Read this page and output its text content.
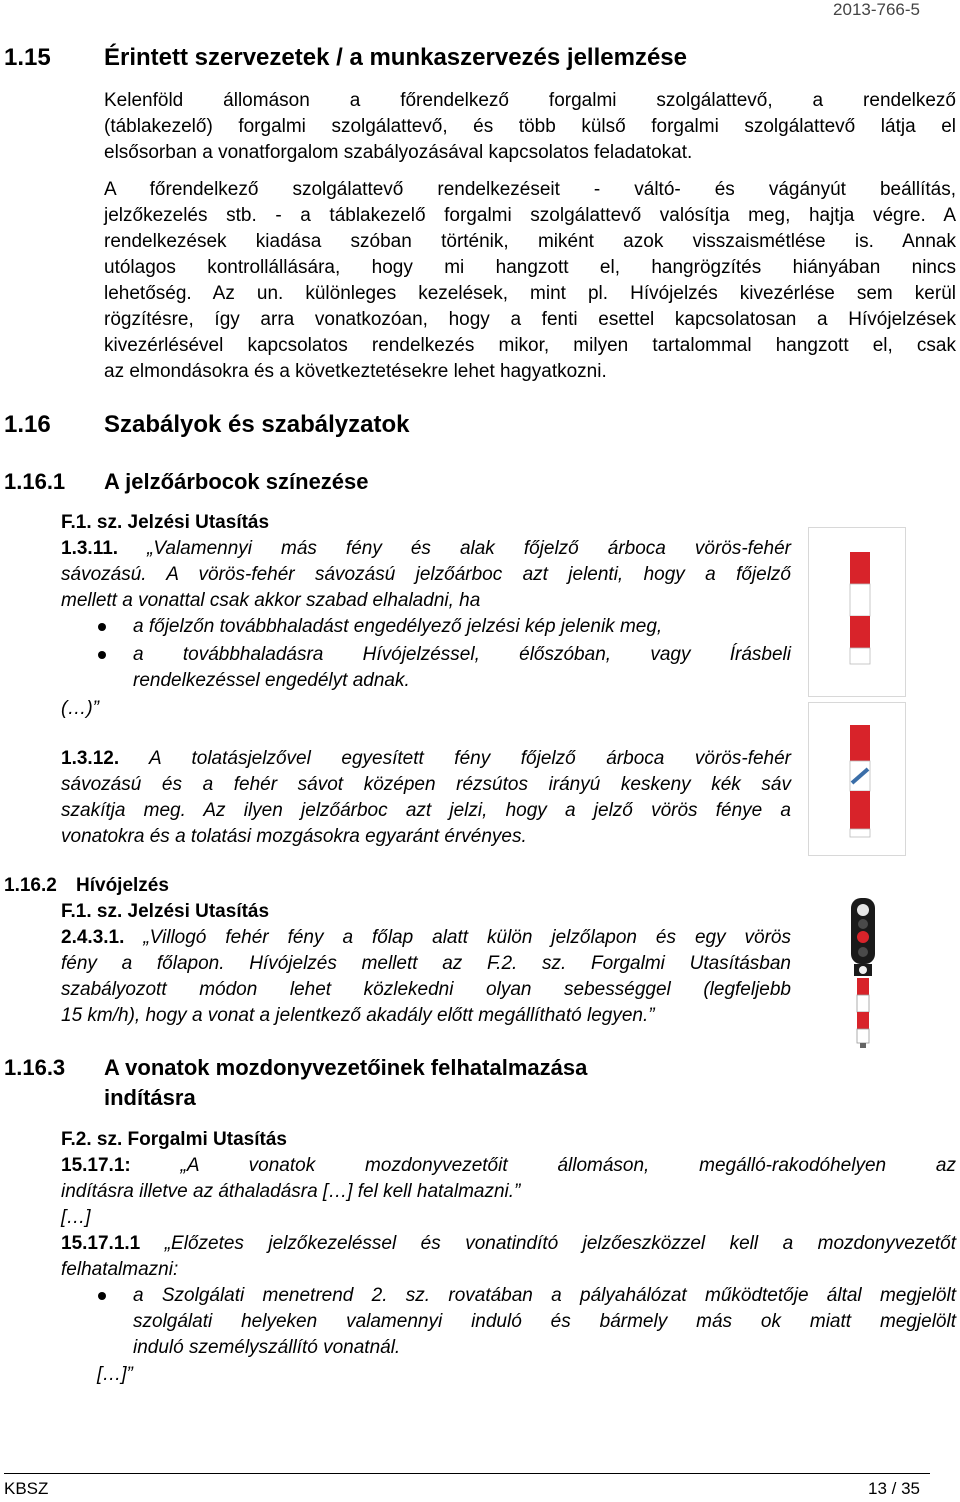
2013-766-5
1.15 Érintett szervezetek / a munkaszervezés jellemzése
Kelenföld állomáson a főrendelkező forgalmi szolgálattevő, a rendelkező
(táblakezelő) forgalmi szolgálattevő, és több külső forgalmi szolgálattevő látja el
elsősorban a vonatforgalom szabályozásával kapcsolatos feladatokat.
A főrendelkező szolgálattevő rendelkezéseit - váltó- és vágányút beállítás,
jelzőkezelés stb. - a táblakezelő forgalmi szolgálattevő valósítja meg, hajtja végre. A
rendelkezések kiadása szóban történik, miként azok visszaismétlése is. Annak
utólagos kontrollállására, hogy mi hangzott el, hangrögzítés hiányában nincs
lehetőség. Az un. különleges kezelések, mint pl. Hívójelzés kivezérlése sem kerül
rögzítésre, így arra vonatkozóan, hogy a fenti esettel kapcsolatosan a Hívójelzések
kivezérlésével kapcsolatos rendelkezés mikor, milyen tartalommal hangzott el, csak
az elmondásokra és a következtetésekre lehet hagyatkozni.
1.16 Szabályok és szabályzatok
1.16.1 A jelzőárbocok színezése
F.1. sz. Jelzési Utasítás
1.3.11. „Valamennyi más fény és alak főjelző árboca vörös-fehér
sávozású. A vörös-fehér sávozású jelzőárboc azt jelenti, hogy a főjelző
mellett a vonattal csak akkor szabad elhaladni, ha
a főjelzőn továbbhaladást engedélyező jelzési kép jelenik meg,
a továbbhaladásra Hívójelzéssel, élőszóban, vagy Írásbeli
rendelkezéssel engedélyt adnak.
(…)”
1.3.12. A tolatásjelzővel egyesített fény főjelző árboca vörös-fehér
sávozású és a fehér sávot középen rézsútos irányú keskeny kék sáv
szakítja meg. Az ilyen jelzőárboc azt jelzi, hogy a jelző vörös fénye a
vonatokra és a tolatási mozgásokra egyaránt érvényes.
1.16.2 Hívójelzés
F.1. sz. Jelzési Utasítás
2.4.3.1. „Villogó fehér fény a főlap alatt külön jelzőlapon és egy vörös
fény a főlapon. Hívójelzés mellett az F.2. sz. Forgalmi Utasításban
szabályozott módon lehet közlekedni olyan sebességgel (legfeljebb
15 km/h), hogy a vonat a jelentkező akadály előtt megállítható legyen.”
1.16.3 A vonatok mozdonyvezetőinek felhatalmazása
indításra
F.2. sz. Forgalmi Utasítás
15.17.1: „A vonatok mozdonyvezetőit állomáson, megálló-rakodóhelyen az
indításra illetve az áthaladásra […] fel kell hatalmazni.”
[…]
15.17.1.1 „Előzetes jelzőkezeléssel és vonatindító jelzőeszközzel kell a mozdonyvezetőt
felhatalmazni:
a Szolgálati menetrend 2. sz. rovatában a pályahálózat működtetője által megjelölt
szolgálati helyeken valamennyi induló és bármely más ok miatt megjelölt
induló személyszállító vonatnál.
[…]”
KBSZ	13 / 35
